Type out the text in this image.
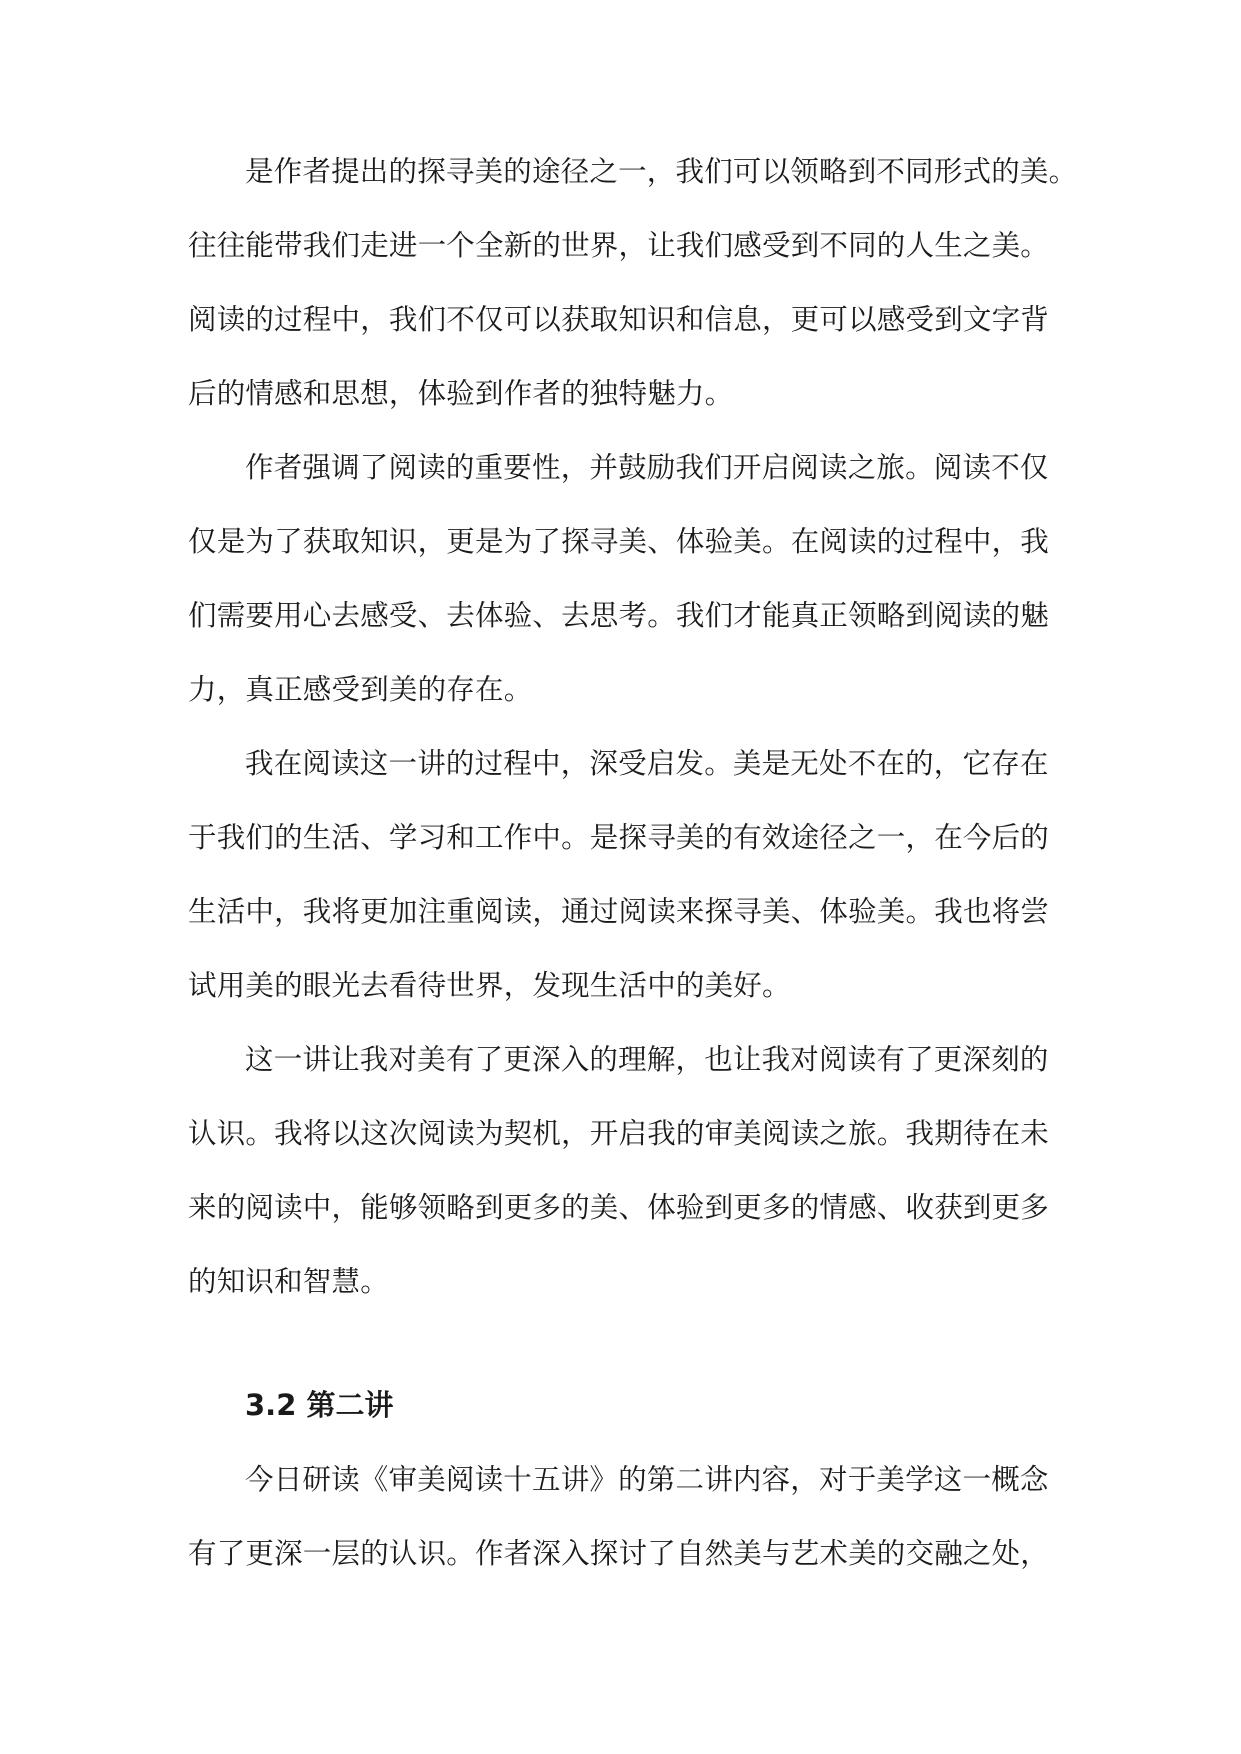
是作者提出的探寻美的途径之一，我们可以领略到不同形式的美。
往往能带我们走进一个全新的世界，让我们感受到不同的人生之美。
阅读的过程中，我们不仅可以获取知识和信息，更可以感受到文字背
后的情感和思想，体验到作者的独特魅力。
作者强调了阅读的重要性，并鼓励我们开启阅读之旅。阅读不仅
仅是为了获取知识，更是为了探寻美、体验美。在阅读的过程中，我
们需要用心去感受、去体验、去思考。我们才能真正领略到阅读的魅
力，真正感受到美的存在。
我在阅读这一讲的过程中，深受启发。美是无处不在的，它存在
于我们的生活、学习和工作中。是探寻美的有效途径之一，在今后的
生活中，我将更加注重阅读，通过阅读来探寻美、体验美。我也将尝
试用美的眼光去看待世界，发现生活中的美好。
这一讲让我对美有了更深入的理解，也让我对阅读有了更深刻的
认识。我将以这次阅读为契机，开启我的审美阅读之旅。我期待在未
来的阅读中，能够领略到更多的美、体验到更多的情感、收获到更多
的知识和智慧。
3.2 第二讲
今日研读《审美阅读十五讲》的第二讲内容，对于美学这一概念
有了更深一层的认识。作者深入探讨了自然美与艺术美的交融之处，
